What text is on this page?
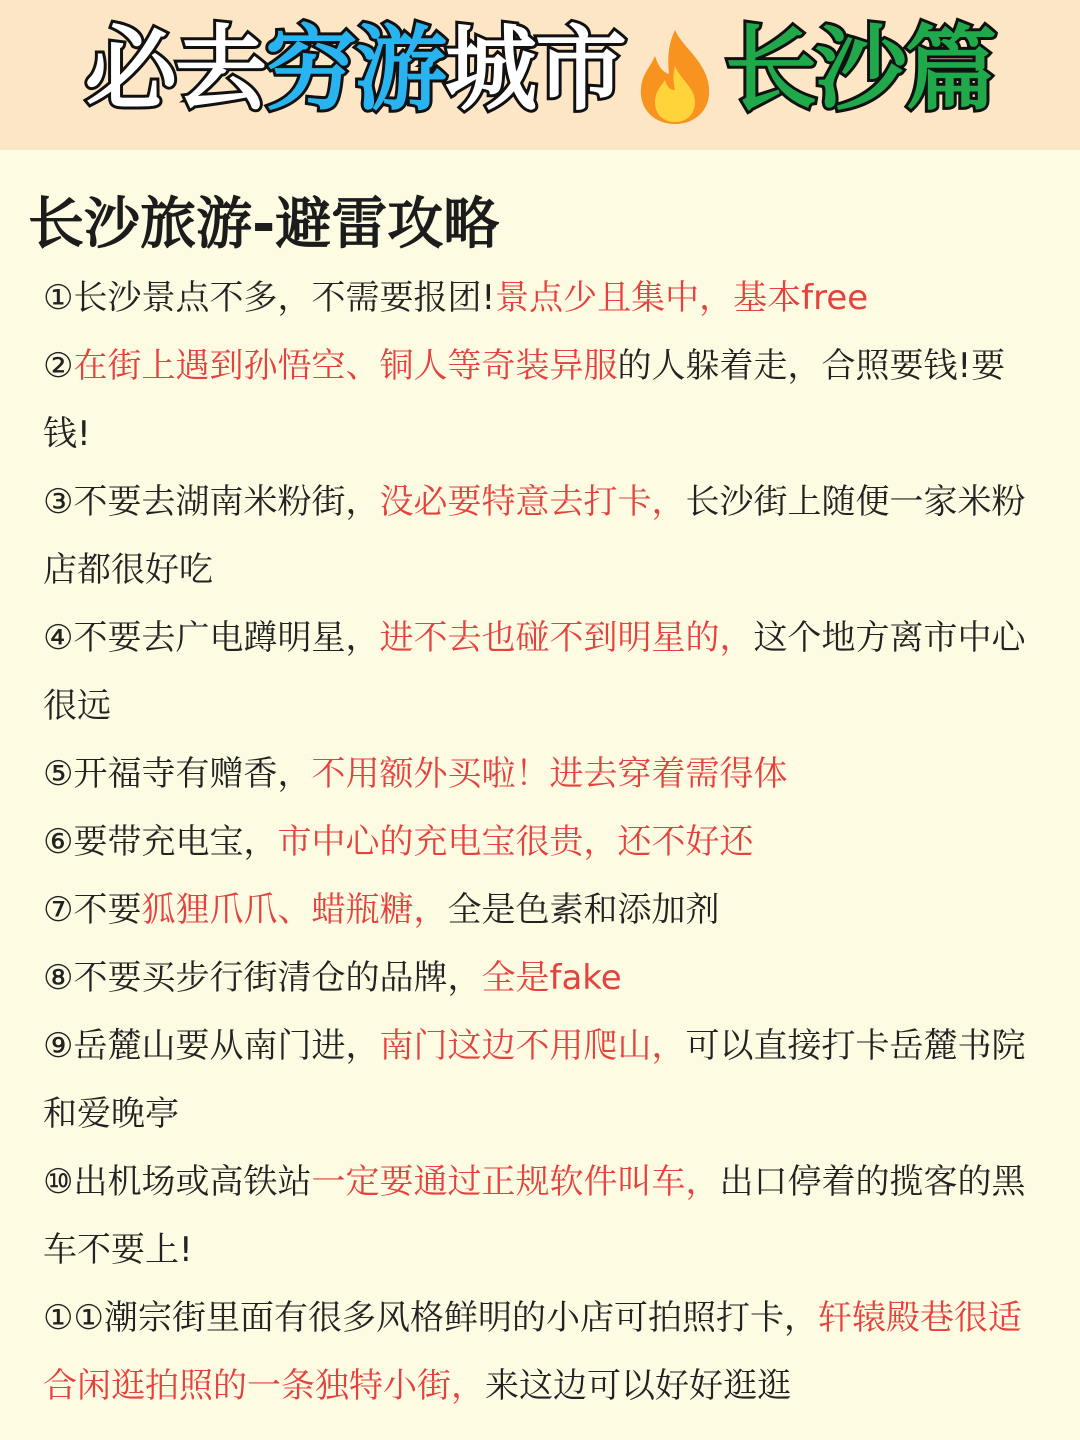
必去穷游城市 长沙篇
长沙旅游-避雷攻略
①长沙景点不多，不需要报团!景点少且集中，基本free
②在街上遇到孙悟空、铜人等奇装异服的人躲着走，合照要钱!要钱!
③不要去湖南米粉街，没必要特意去打卡，长沙街上随便一家米粉店都很好吃
④不要去广电蹲明星，进不去也碰不到明星的，这个地方离市中心很远
⑤开福寺有赠香，不用额外买啦！进去穿着需得体
⑥要带充电宝，市中心的充电宝很贵，还不好还
⑦不要狐狸爪爪、蜡瓶糖，全是色素和添加剂
⑧不要买步行街清仓的品牌，全是fake
⑨岳麓山要从南门进，南门这边不用爬山，可以直接打卡岳麓书院和爱晚亭
⑩出机场或高铁站一定要通过正规软件叫车，出口停着的揽客的黑车不要上!
①①潮宗街里面有很多风格鲜明的小店可拍照打卡，轩辕殿巷很适合闲逛拍照的一条独特小街，来这边可以好好逛逛
